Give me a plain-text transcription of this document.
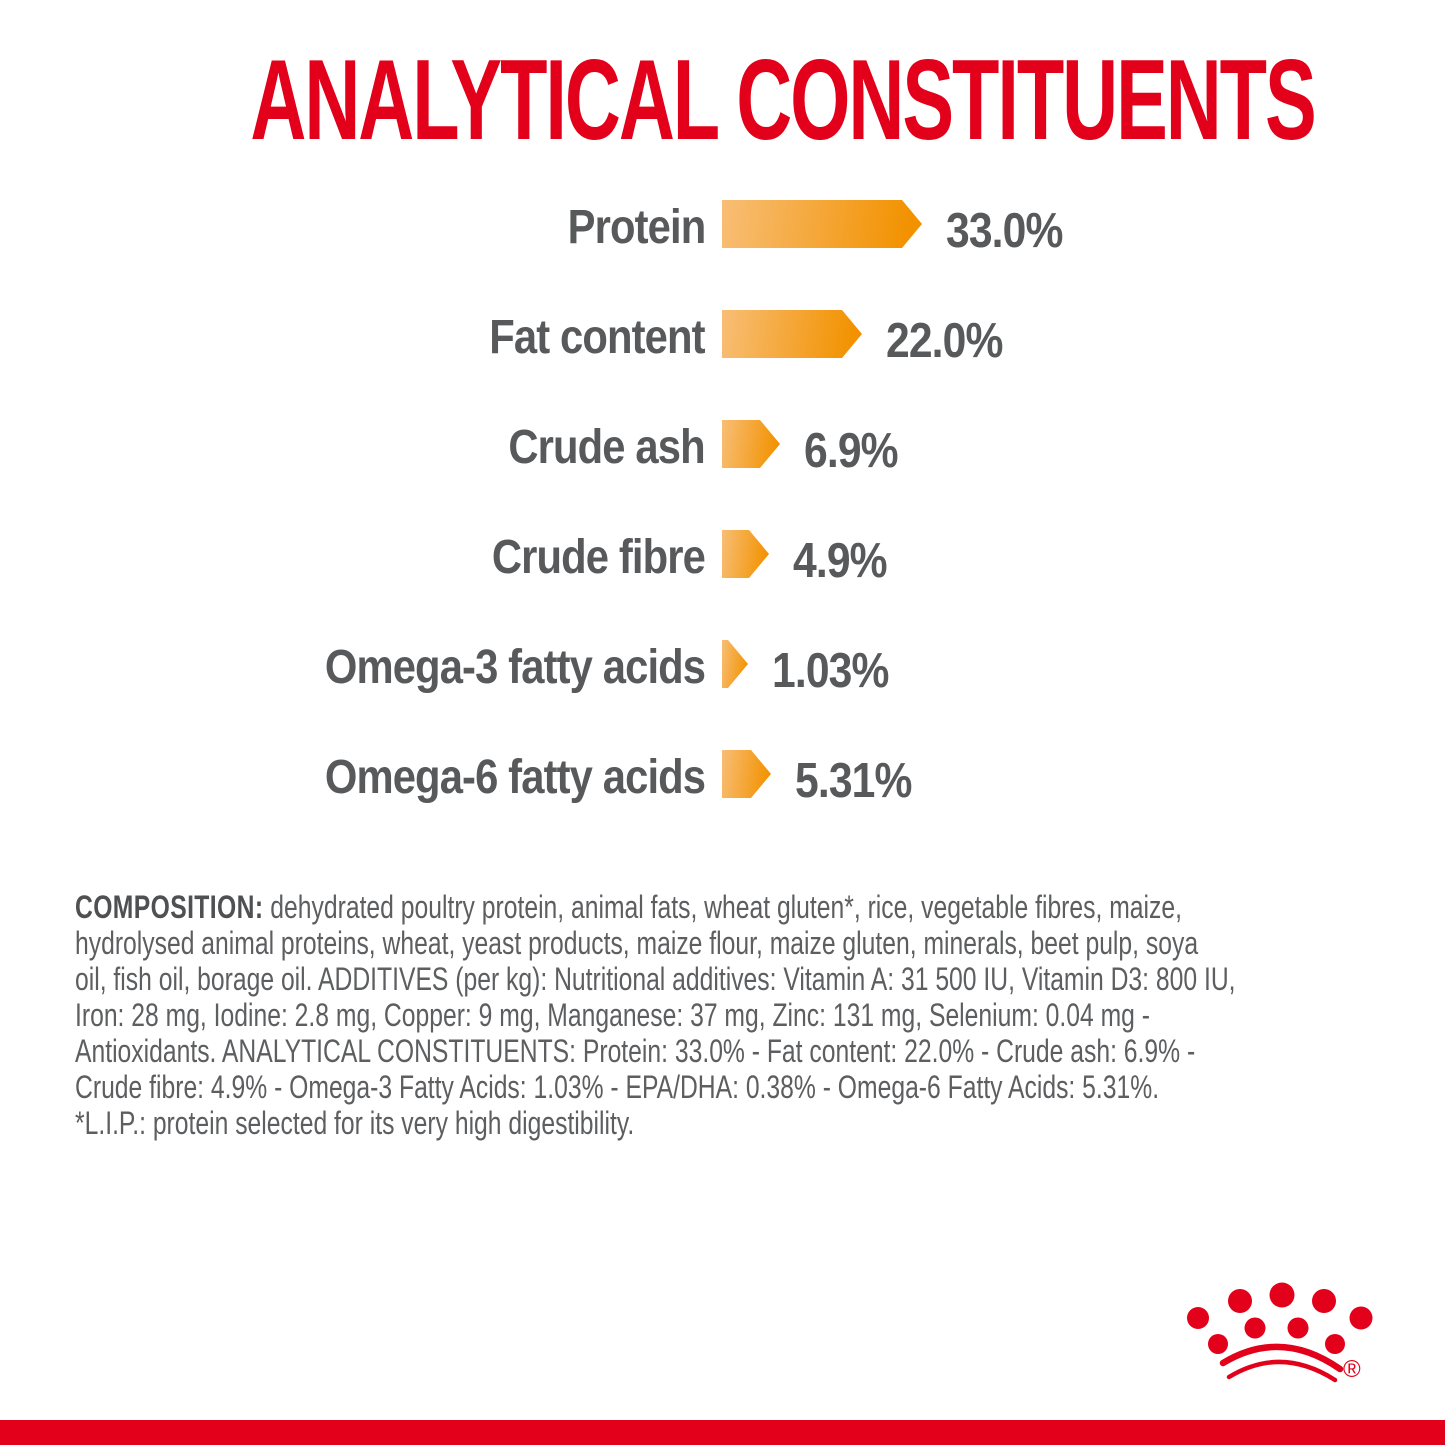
ANALYTICAL CONSTITUENTS
Protein	33.0%
Fat content	22.0%
Crude ash 6.9%
Crude fibre 4.9%
Omega-3 fatty acids 1.03%
Omega-6 fatty acids 5.31%
COMPOSITION: dehydrated poultry protein, animal fats, wheat gluten*, rice, vegetable fibres, maize,
hydrolysed animal proteins, wheat, yeast products, maize flour, maize gluten, minerals, beet pulp, soya
oil, fish oil, borage oil. ADDITIVES (per kg): Nutritional additives: Vitamin A: 31 500 IU, Vitamin D3: 800 IU,
Iron: 28 mg, Iodine: 2.8 mg, Copper: 9 mg, Manganese: 37 mg, Zinc: 131 mg, Selenium: 0.04 mg -
Antioxidants. ANALYTICAL CONSTITUENTS: Protein: 33.0% - Fat content: 22.0% - Crude ash: 6.9% -
Crude fibre: 4.9% - Omega-3 Fatty Acids: 1.03% - EPA/DHA: 0.38% - Omega-6 Fatty Acids: 5.31%.
*L.I.P.: protein selected for its very high digestibility.
®
